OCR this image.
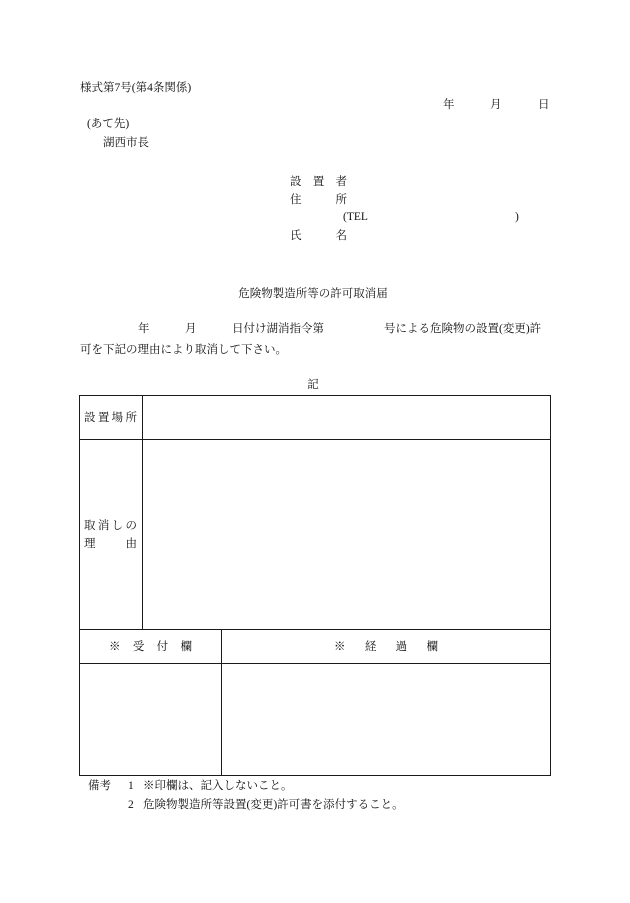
様式第7号(第4条関係)
年	月	日
(あて先)
湖西市長
設置者
住所
(TEL	)
氏名
危険物製造所等の許可取消届
年	月	日付け湖消指令第	号による危険物の設置(変更)許
可を下記の理由により取消して下さい。
記
設置場所
取消しの
理由
※受付欄	※経過欄
備考 1 ※印欄は、記入しないこと。
2 危険物製造所等設置(変更)許可書を添付すること。
